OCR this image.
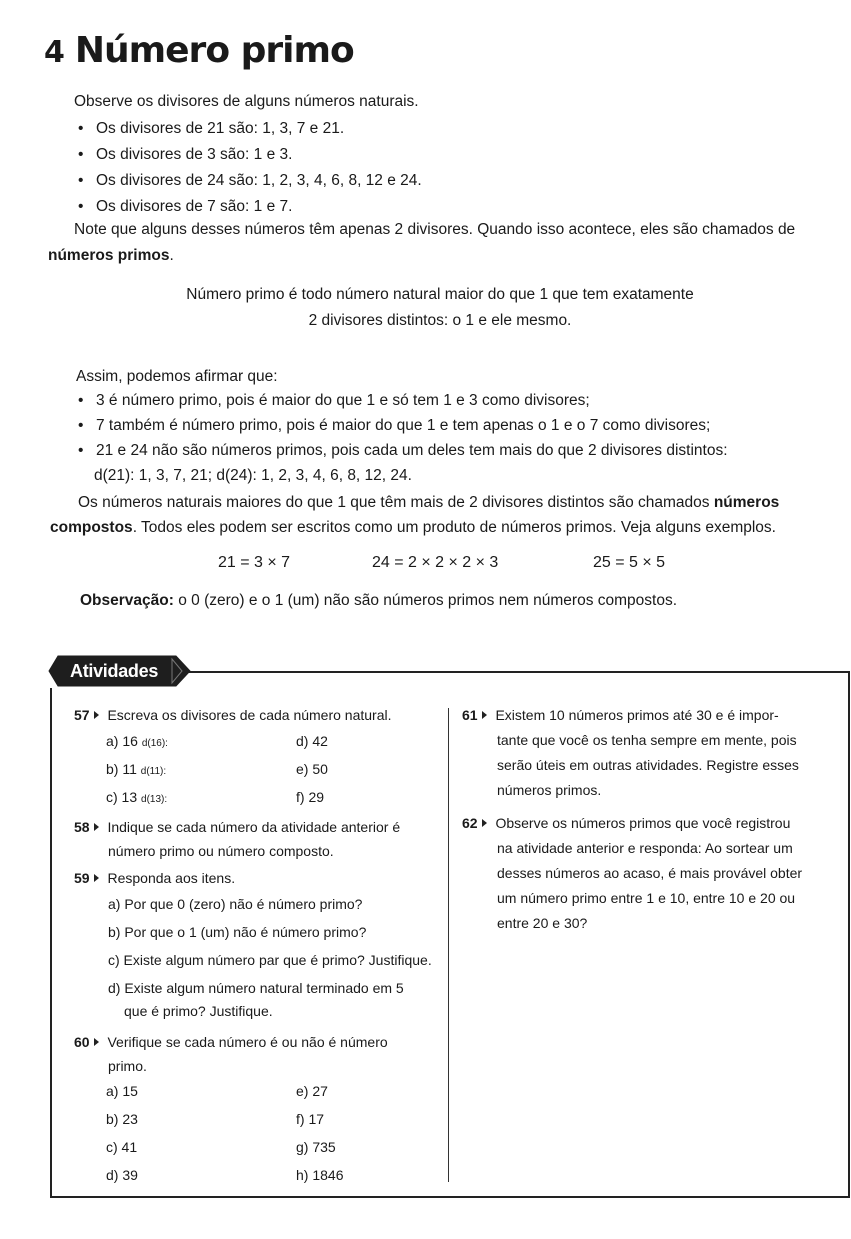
4 Número primo
Observe os divisores de alguns números naturais.
• Os divisores de 21 são: 1, 3, 7 e 21.
• Os divisores de 3 são: 1 e 3.
• Os divisores de 24 são: 1, 2, 3, 4, 6, 8, 12 e 24.
• Os divisores de 7 são: 1 e 7.
Note que alguns desses números têm apenas 2 divisores. Quando isso acontece, eles são chamados de
números primos.
Número primo é todo número natural maior do que 1 que tem exatamente
2 divisores distintos: o 1 e ele mesmo.
Assim, podemos afirmar que:
• 3 é número primo, pois é maior do que 1 e só tem 1 e 3 como divisores;
• 7 também é número primo, pois é maior do que 1 e tem apenas o 1 e o 7 como divisores;
• 21 e 24 não são números primos, pois cada um deles tem mais do que 2 divisores distintos:
d(21): 1, 3, 7, 21; d(24): 1, 2, 3, 4, 6, 8, 12, 24.
Os números naturais maiores do que 1 que têm mais de 2 divisores distintos são chamados números
compostos. Todos eles podem ser escritos como um produto de números primos. Veja alguns exemplos.
21 = 3 × 7	24 = 2 × 2 × 2 × 3	25 = 5 × 5
Observação: o 0 (zero) e o 1 (um) não são números primos nem números compostos.
Atividades
57 Escreva os divisores de cada número natural.
a) 16 d(16):
b) 11 d(11):
c) 13 d(13):
d) 42
e) 50
f) 29
58 Indique se cada número da atividade anterior é
número primo ou número composto.
59 Responda aos itens.
a) Por que 0 (zero) não é número primo?
b) Por que o 1 (um) não é número primo?
c) Existe algum número par que é primo? Justifique.
d) Existe algum número natural terminado em 5
que é primo? Justifique.
60 Verifique se cada número é ou não é número
primo.
a) 15
b) 23
c) 41
d) 39
e) 27
f) 17
g) 735
h) 1846
61 Existem 10 números primos até 30 e é impor-
tante que você os tenha sempre em mente, pois
serão úteis em outras atividades. Registre esses
números primos.
62 Observe os números primos que você registrou
na atividade anterior e responda: Ao sortear um
desses números ao acaso, é mais provável obter
um número primo entre 1 e 10, entre 10 e 20 ou
entre 20 e 30?
